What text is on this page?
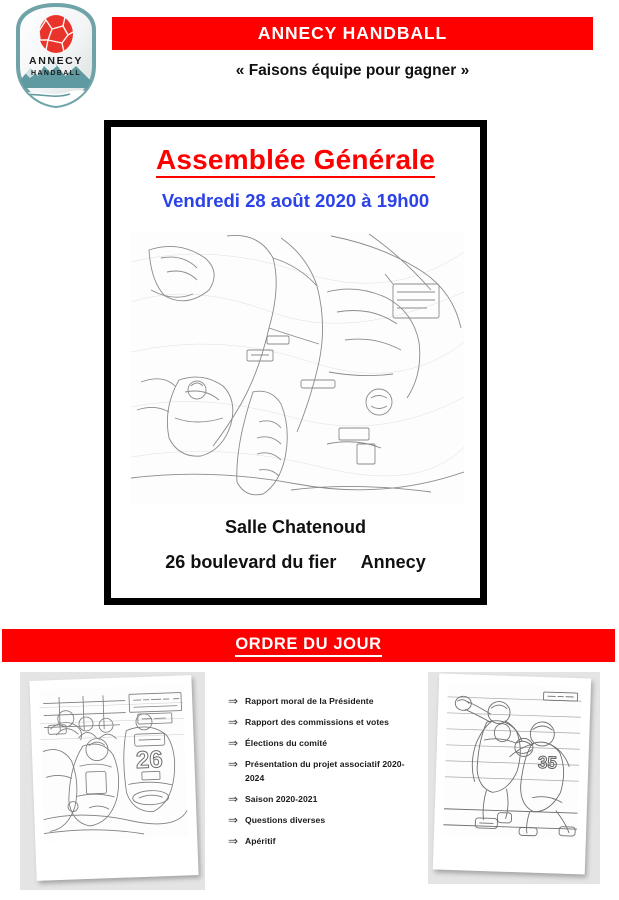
ANNECY
HANDBALL
ANNECY HANDBALL
« Faisons équipe pour gagner »
Assemblée Générale
Vendredi 28 août 2020 à 19h00
Salle Chatenoud
26 boulevard du fier     Annecy
ORDRE DU JOUR
26
⇒ Rapport moral de la Présidente
⇒ Rapport des commissions et votes
⇒ Élections du comité
⇒ Présentation du projet associatif 2020-2024
⇒ Saison 2020-2021
⇒ Questions diverses
⇒ Apéritif
35
